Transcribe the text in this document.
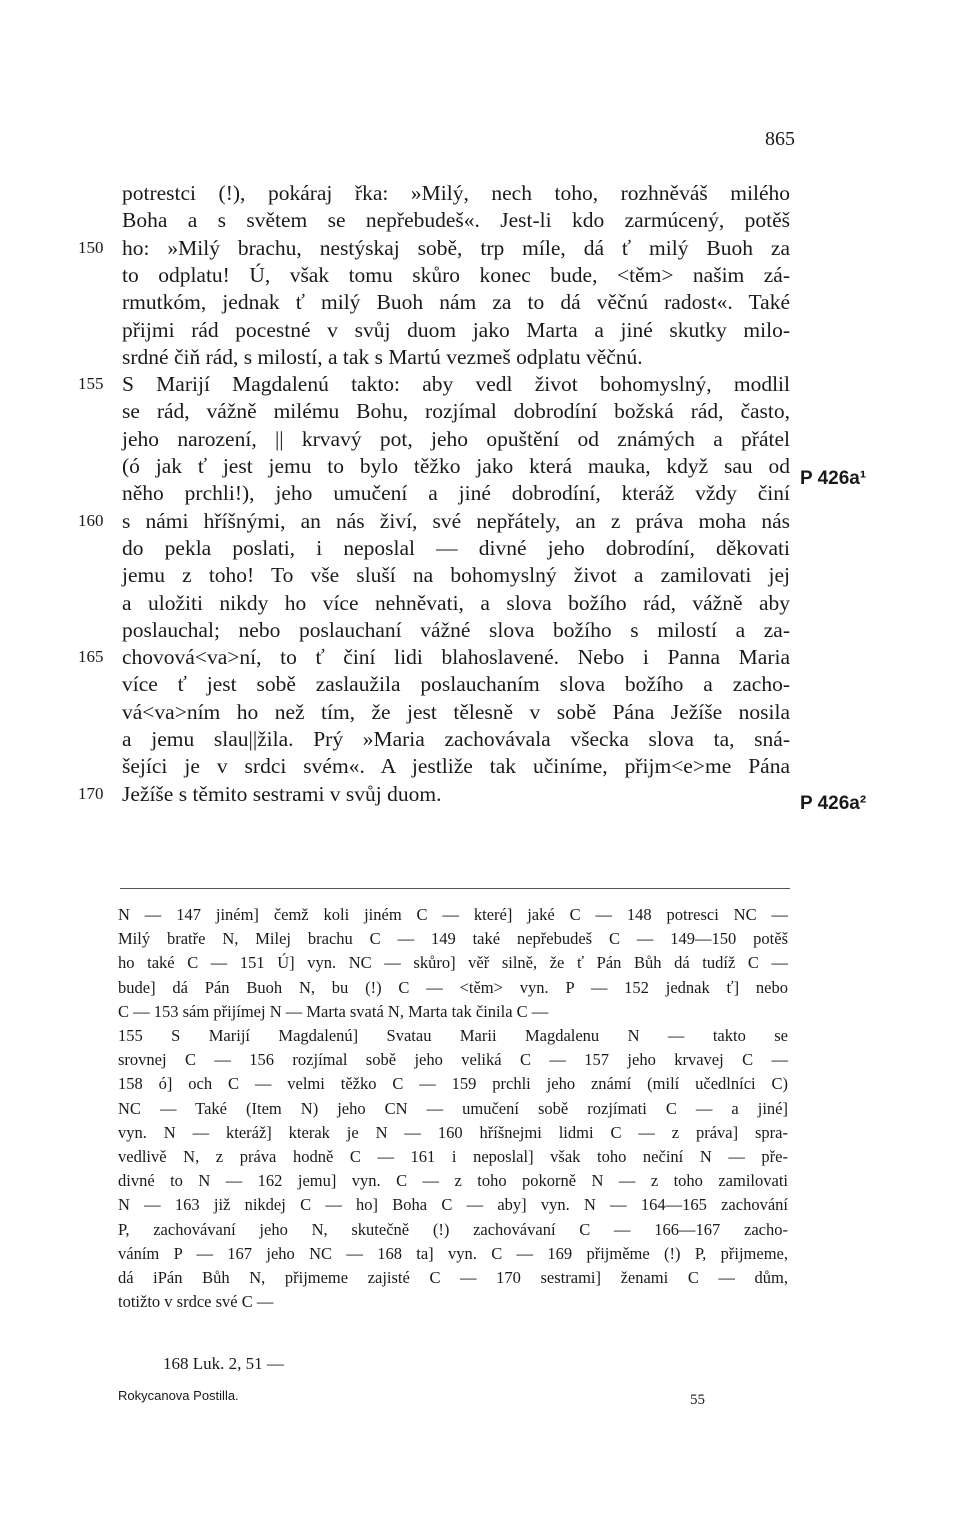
865
potrestci (!), pokáraj řka: »Milý, nech toho, rozhněváš milého
Boha a s světem se nepřebudeš«. Jest-li kdo zarmúcený, potěš
ho: »Milý brachu, nestýskaj sobě, trp míle, dá ť milý Buoh za
to odplatu! Ú, však tomu skůro konec bude, <těm> našim zá-
rmutkóm, jednak ť milý Buoh nám za to dá věčnú radost«. Také
přijmi rád pocestné v svůj duom jako Marta a jiné skutky milo-
srdné čiň rád, s milostí, a tak s Martú vezmeš odplatu věčnú.
S Marijí Magdalenú takto: aby vedl život bohomyslný, modlil
se rád, vážně milému Bohu, rozjímal dobrodíní božská rád, často,
jeho narození, || krvavý pot, jeho opuštění od známých a přátel
(ó jak ť jest jemu to bylo těžko jako která mauka, když sau od
něho prchli!), jeho umučení a jiné dobrodíní, kteráž vždy činí
s námi hříšnými, an nás živí, své nepřátely, an z práva moha nás
do pekla poslati, i neposlal — divné jeho dobrodíní, děkovati
jemu z toho! To vše sluší na bohomyslný život a zamilovati jej
a uložiti nikdy ho více nehněvati, a slova božího rád, vážně aby
poslauchal; nebo poslauchaní vážné slova božího s milostí a za-
chovová<va>ní, to ť činí lidi blahoslavené. Nebo i Panna Maria
více ť jest sobě zaslaužila poslauchaním slova božího a zacho-
vá<va>ním ho než tím, že jest tělesně v sobě Pána Ježíše nosila
a jemu slau||žila. Prý »Maria zachovávala všecka slova ta, sná-
šejíci je v srdci svém«. A jestliže tak učiníme, přijm<e>me Pána
Ježíše s těmito sestrami v svůj duom.
150
155
160
165
170
P 426a¹
P 426a²
N — 147 jiném] čemž koli jiném C — které] jaké C — 148 potresci NC —
Milý bratře N, Milej brachu C — 149 také nepřebudeš C — 149—150 potěš
ho také C — 151 Ú] vyn. NC — skůro] věř silně, že ť Pán Bůh dá tudíž C —
bude] dá Pán Buoh N, bu (!) C — <těm> vyn. P — 152 jednak ť] nebo
C — 153 sám přijímej N — Marta svatá N, Marta tak činila C —
155 S Marijí Magdalenú] Svatau Marii Magdalenu N — takto se
srovnej C — 156 rozjímal sobě jeho veliká C — 157 jeho krvavej C —
158 ó] och C — velmi těžko C — 159 prchli jeho známí (milí učedlníci C)
NC — Také (Item N) jeho CN — umučení sobě rozjímati C — a jiné]
vyn. N — kteráž] kterak je N — 160 hříšnejmi lidmi C — z práva] spra-
vedlivě N, z práva hodně C — 161 i neposlal] však toho nečiní N — pře-
divné to N — 162 jemu] vyn. C — z toho pokorně N — z toho zamilovati
N — 163 již nikdej C — ho] Boha C — aby] vyn. N — 164—165 zachování
P, zachovávaní jeho N, skutečně (!) zachovávaní C — 166—167 zacho-
váním P — 167 jeho NC — 168 ta] vyn. C — 169 přijměme (!) P, přijmeme,
dá iPán Bůh N, přijmeme zajisté C — 170 sestrami] ženami C — dům,
totižto v srdce své C —
168 Luk. 2, 51 —
Rokycanova Postilla.	55
